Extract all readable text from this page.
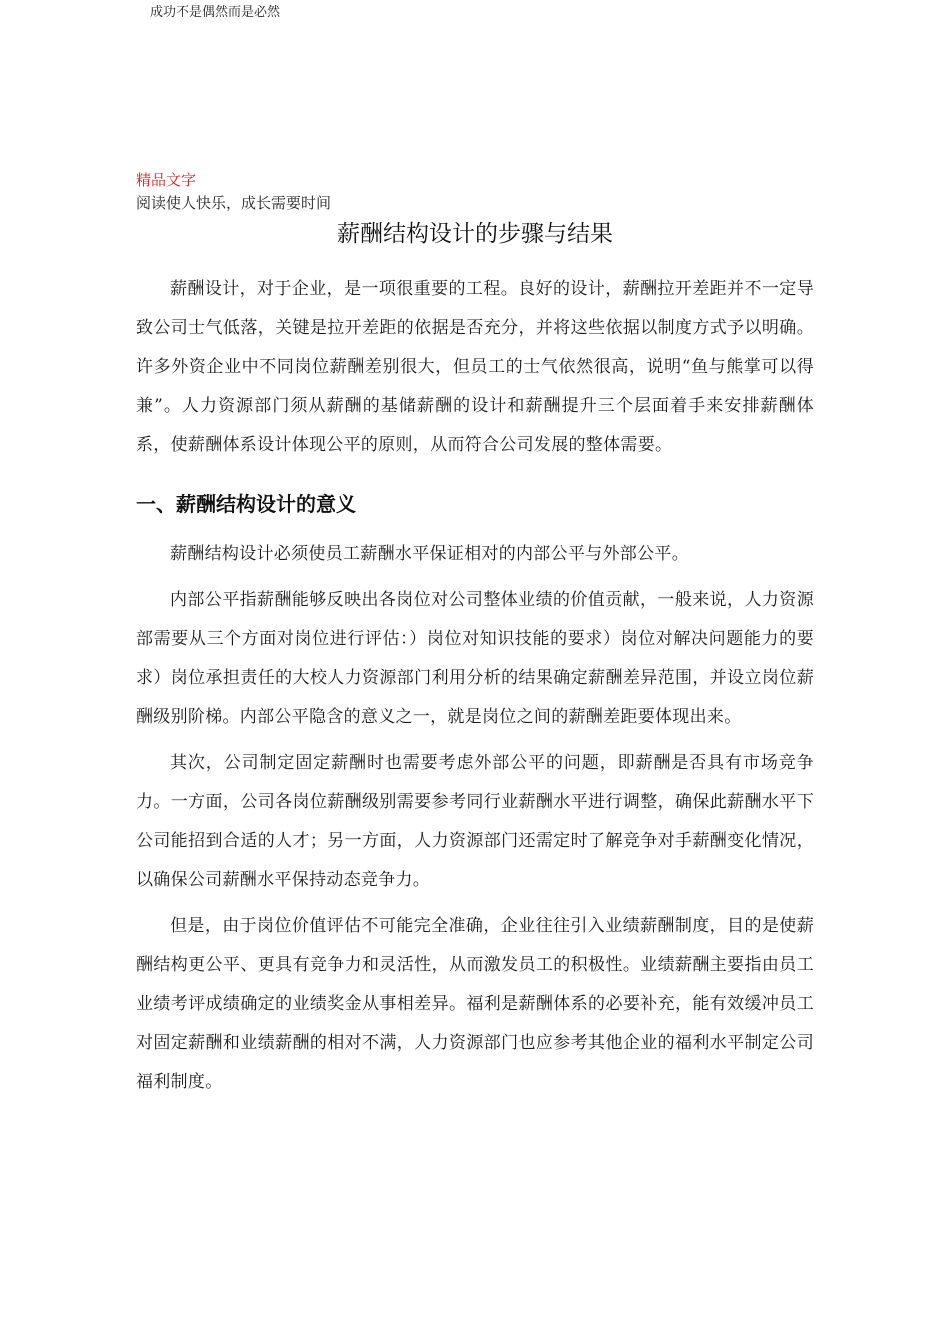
成功不是偶然而是必然
精品文字
阅读使人快乐，成长需要时间
薪酬结构设计的步骤与结果

薪酬设计，对于企业，是一项很重要的工程。良好的设计，薪酬拉开差距并不一定导致公司士气低落，关键是拉开差距的依据是否充分，并将这些依据以制度方式予以明确。许多外资企业中不同岗位薪酬差别很大，但员工的士气依然很高，说明“鱼与熊掌可以得兼”。人力资源部门须从薪酬的基储薪酬的设计和薪酬提升三个层面着手来安排薪酬体系，使薪酬体系设计体现公平的原则，从而符合公司发展的整体需要。

一、薪酬结构设计的意义

薪酬结构设计必须使员工薪酬水平保证相对的内部公平与外部公平。

内部公平指薪酬能够反映出各岗位对公司整体业绩的价值贡献，一般来说，人力资源部需要从三个方面对岗位进行评估：）岗位对知识技能的要求）岗位对解决问题能力的要求）岗位承担责任的大校人力资源部门利用分析的结果确定薪酬差异范围，并设立岗位薪酬级别阶梯。内部公平隐含的意义之一，就是岗位之间的薪酬差距要体现出来。

其次，公司制定固定薪酬时也需要考虑外部公平的问题，即薪酬是否具有市场竞争力。一方面，公司各岗位薪酬级别需要参考同行业薪酬水平进行调整，确保此薪酬水平下公司能招到合适的人才；另一方面，人力资源部门还需定时了解竞争对手薪酬变化情况，以确保公司薪酬水平保持动态竞争力。

但是，由于岗位价值评估不可能完全准确，企业往往引入业绩薪酬制度，目的是使薪酬结构更公平、更具有竞争力和灵活性，从而激发员工的积极性。业绩薪酬主要指由员工业绩考评成绩确定的业绩奖金从事相差异。福利是薪酬体系的必要补充，能有效缓冲员工对固定薪酬和业绩薪酬的相对不满，人力资源部门也应参考其他企业的福利水平制定公司福利制度。
